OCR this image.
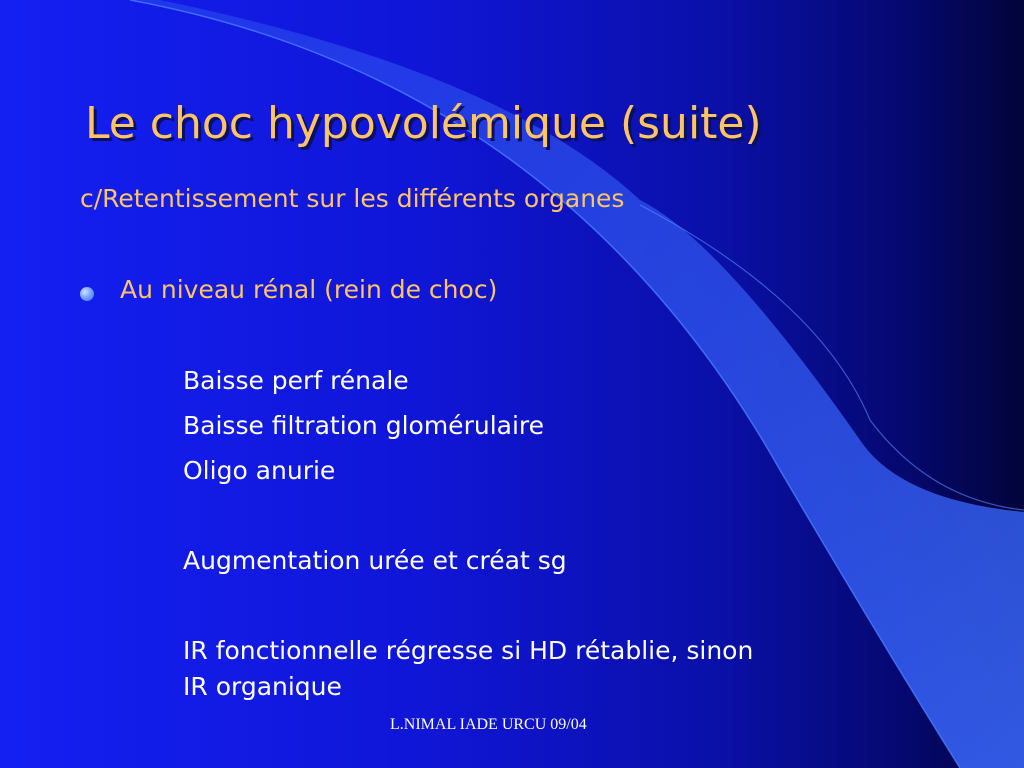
Le choc hypovolémique (suite)
c/Retentissement sur les différents organes
Au niveau rénal (rein de choc)
Baisse perf rénale
Baisse filtration glomérulaire
Oligo anurie
Augmentation urée et créat sg
IR fonctionnelle régresse si HD rétablie, sinon
IR organique
L.NIMAL IADE URCU 09/04
